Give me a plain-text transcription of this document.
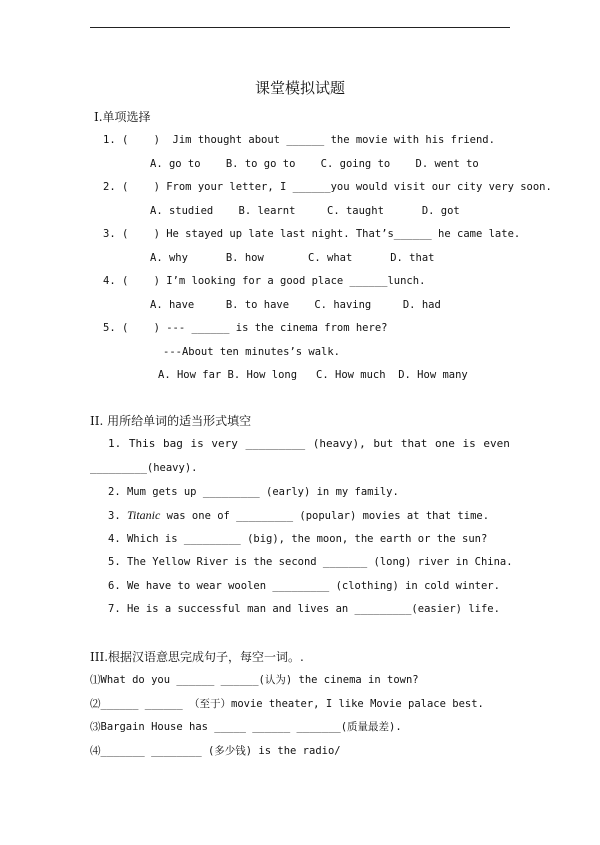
课堂模拟试题
I.单项选择
1. (    )  Jim thought about ______ the movie with his friend.
A. go to    B. to go to    C. going to    D. went to
2. (    ) From your letter, I ______you would visit our city very soon.
A. studied    B. learnt     C. taught      D. got
3. (    ) He stayed up late last night. That’s______ he came late.
A. why      B. how       C. what      D. that
4. (    ) I’m looking for a good place ______lunch.
A. have     B. to have    C. having     D. had
5. (    ) --- ______ is the cinema from here?
---About ten minutes’s walk.
A. How far B. How long   C. How much  D. How many
II. 用所给单词的适当形式填空
1. This bag is very _________ (heavy), but that one is even
_________(heavy).
2. Mum gets up _________ (early) in my family.
3. Titanic was one of _________ (popular) movies at that time.
4. Which is _________ (big), the moon, the earth or the sun?
5. The Yellow River is the second _______ (long) river in China.
6. We have to wear woolen _________ (clothing) in cold winter.
7. He is a successful man and lives an _________(easier) life.
III.根据汉语意思完成句子，每空一词。.
⑴What do you ______ ______(认为) the cinema in town?
⑵______ ______ （至于）movie theater, I like Movie palace best.
⑶Bargain House has _____ ______ _______(质量最差).
⑷_______ ________ (多少钱) is the radio/
